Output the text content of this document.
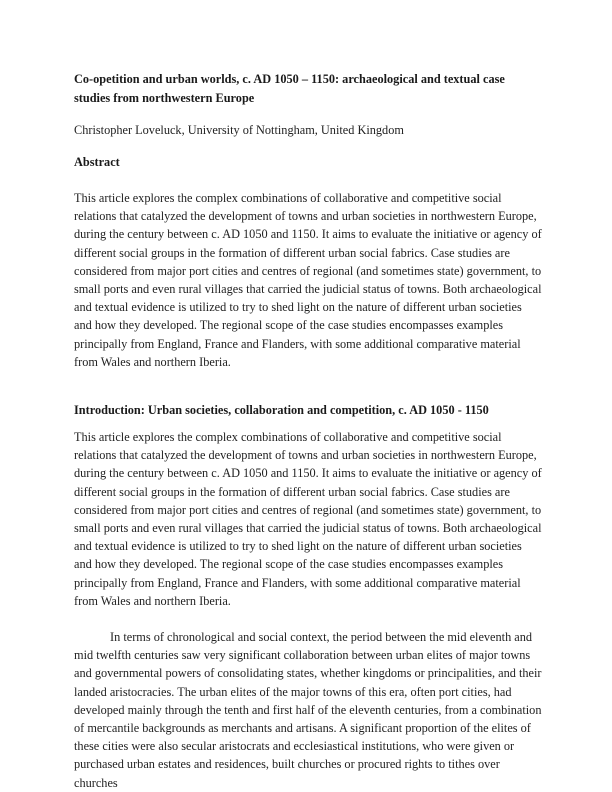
Co-opetition and urban worlds, c. AD 1050 – 1150: archaeological and textual case studies from northwestern Europe

Christopher Loveluck, University of Nottingham, United Kingdom

Abstract

This article explores the complex combinations of collaborative and competitive social relations that catalyzed the development of towns and urban societies in northwestern Europe, during the century between c. AD 1050 and 1150. It aims to evaluate the initiative or agency of different social groups in the formation of different urban social fabrics. Case studies are considered from major port cities and centres of regional (and sometimes state) government, to small ports and even rural villages that carried the judicial status of towns. Both archaeological and textual evidence is utilized to try to shed light on the nature of different urban societies and how they developed. The regional scope of the case studies encompasses examples principally from England, France and Flanders, with some additional comparative material from Wales and northern Iberia.

Introduction: Urban societies, collaboration and competition, c. AD 1050 - 1150

This article explores the complex combinations of collaborative and competitive social relations that catalyzed the development of towns and urban societies in northwestern Europe, during the century between c. AD 1050 and 1150. It aims to evaluate the initiative or agency of different social groups in the formation of different urban social fabrics. Case studies are considered from major port cities and centres of regional (and sometimes state) government, to small ports and even rural villages that carried the judicial status of towns. Both archaeological and textual evidence is utilized to try to shed light on the nature of different urban societies and how they developed. The regional scope of the case studies encompasses examples principally from England, France and Flanders, with some additional comparative material from Wales and northern Iberia.

In terms of chronological and social context, the period between the mid eleventh and mid twelfth centuries saw very significant collaboration between urban elites of major towns and governmental powers of consolidating states, whether kingdoms or principalities, and their landed aristocracies. The urban elites of the major towns of this era, often port cities, had developed mainly through the tenth and first half of the eleventh centuries, from a combination of mercantile backgrounds as merchants and artisans. A significant proportion of the elites of these cities were also secular aristocrats and ecclesiastical institutions, who were given or purchased urban estates and residences, built churches or procured rights to tithes over churches
